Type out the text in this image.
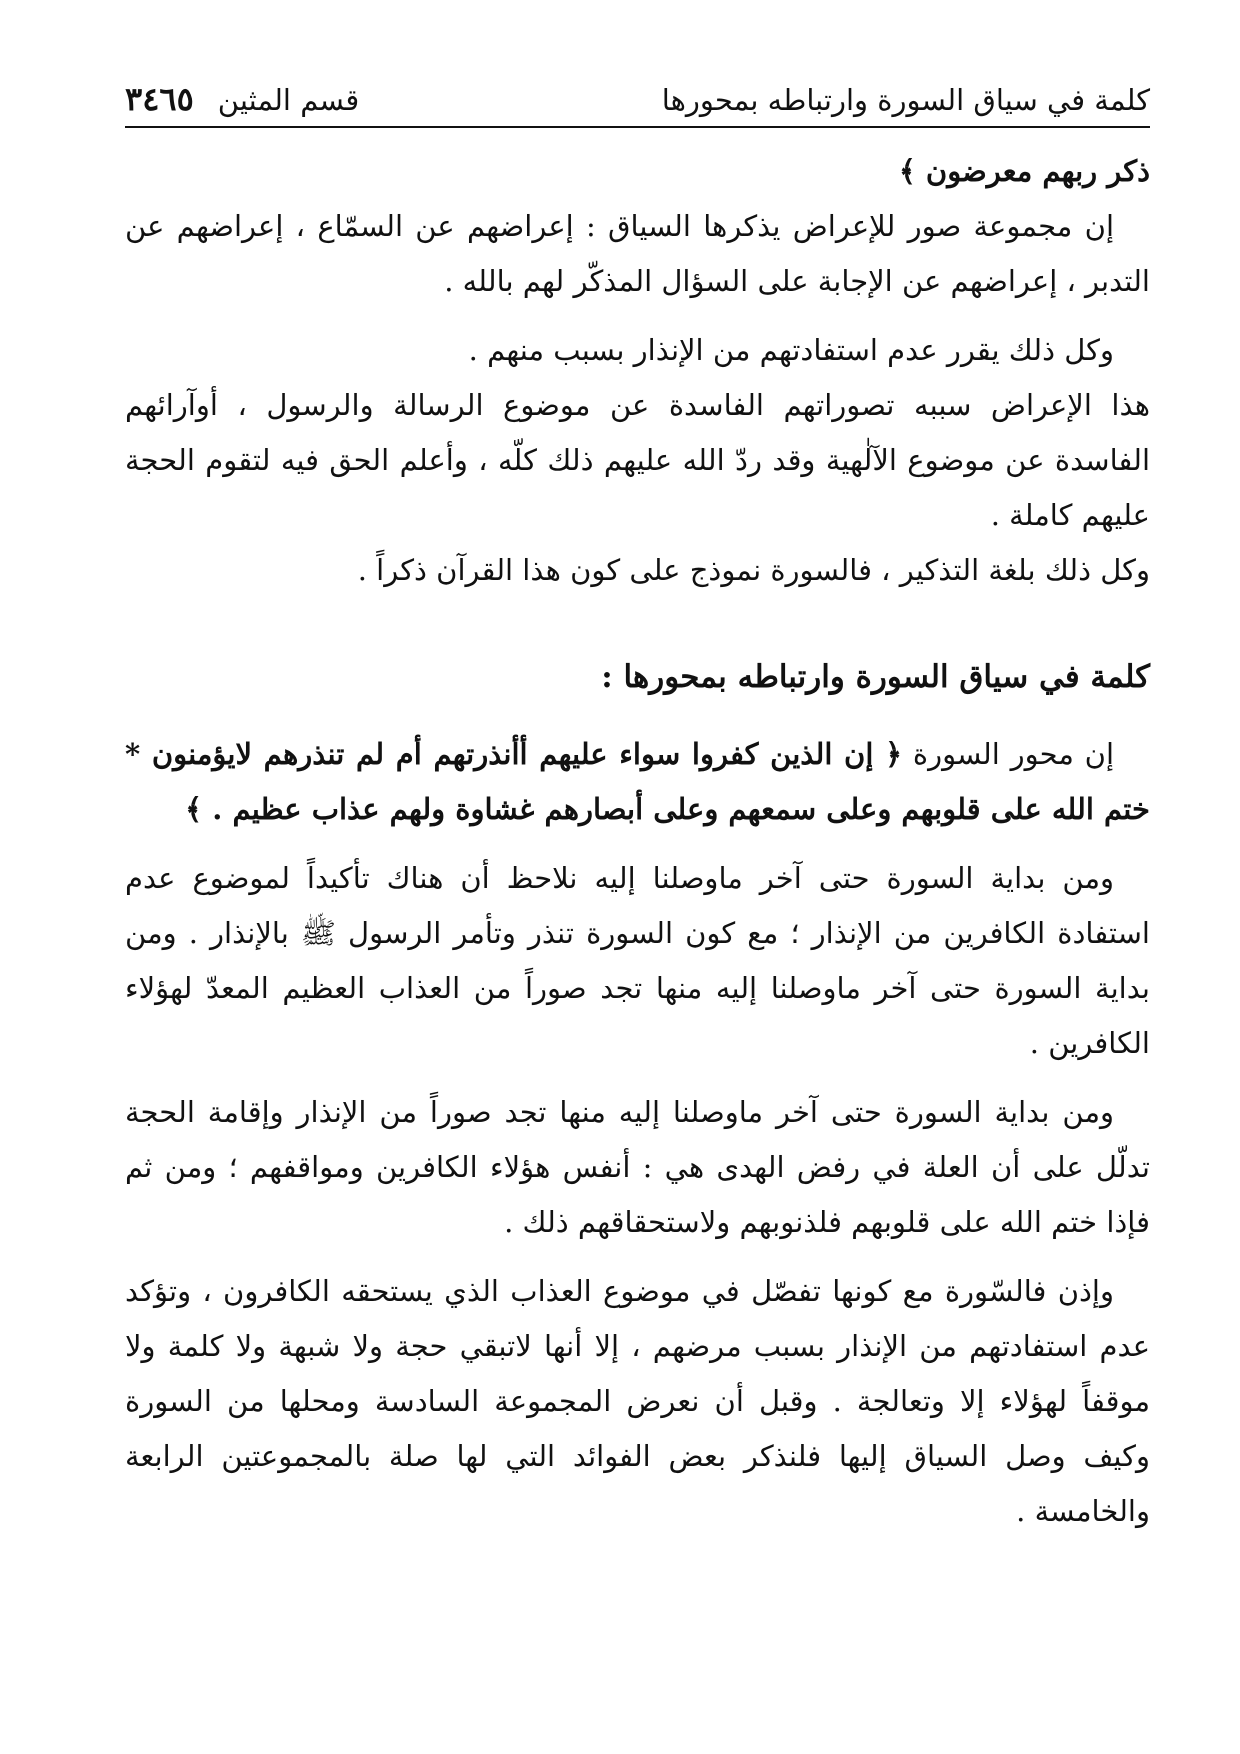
كلمة في سياق السورة وارتباطه بمحورها
قسم المثين
٣٤٦٥

ذكر ربهم معرضون ﴾

إن مجموعة صور للإعراض يذكرها السياق : إعراضهم عن السمّاع ، إعراضهم عن التدبر ، إعراضهم عن الإجابة على السؤال المذكّر لهم بالله .

وكل ذلك يقرر عدم استفادتهم من الإنذار بسبب منهم .

هذا الإعراض سببه تصوراتهم الفاسدة عن موضوع الرسالة والرسول ، أوآرائهم الفاسدة عن موضوع الآلٰهية وقد ردّ الله عليهم ذلك كلّه ، وأعلم الحق فيه لتقوم الحجة عليهم كاملة .

وكل ذلك بلغة التذكير ، فالسورة نموذج على كون هذا القرآن ذكراً .

كلمة في سياق السورة وارتباطه بمحورها :

إن محور السورة ﴿ إن الذين كفروا سواء عليهم أأنذرتهم أم لم تنذرهم لايؤمنون * ختم الله على قلوبهم وعلى سمعهم وعلى أبصارهم غشاوة ولهم عذاب عظيم . ﴾

ومن بداية السورة حتى آخر ماوصلنا إليه نلاحظ أن هناك تأكيداً لموضوع عدم استفادة الكافرين من الإنذار ؛ مع كون السورة تنذر وتأمر الرسول ﷺ بالإنذار . ومن بداية السورة حتى آخر ماوصلنا إليه منها تجد صوراً من العذاب العظيم المعدّ لهؤلاء الكافرين .

ومن بداية السورة حتى آخر ماوصلنا إليه منها تجد صوراً من الإنذار وإقامة الحجة تدلّل على أن العلة في رفض الهدى هي : أنفس هؤلاء الكافرين ومواقفهم ؛ ومن ثم فإذا ختم الله على قلوبهم فلذنوبهم ولاستحقاقهم ذلك .

وإذن فالسّورة مع كونها تفصّل في موضوع العذاب الذي يستحقه الكافرون ، وتؤكد عدم استفادتهم من الإنذار بسبب مرضهم ، إلا أنها لاتبقي حجة ولا شبهة ولا كلمة ولا موقفاً لهؤلاء إلا وتعالجة . وقبل أن نعرض المجموعة السادسة ومحلها من السورة وكيف وصل السياق إليها فلنذكر بعض الفوائد التي لها صلة بالمجموعتين الرابعة والخامسة .
